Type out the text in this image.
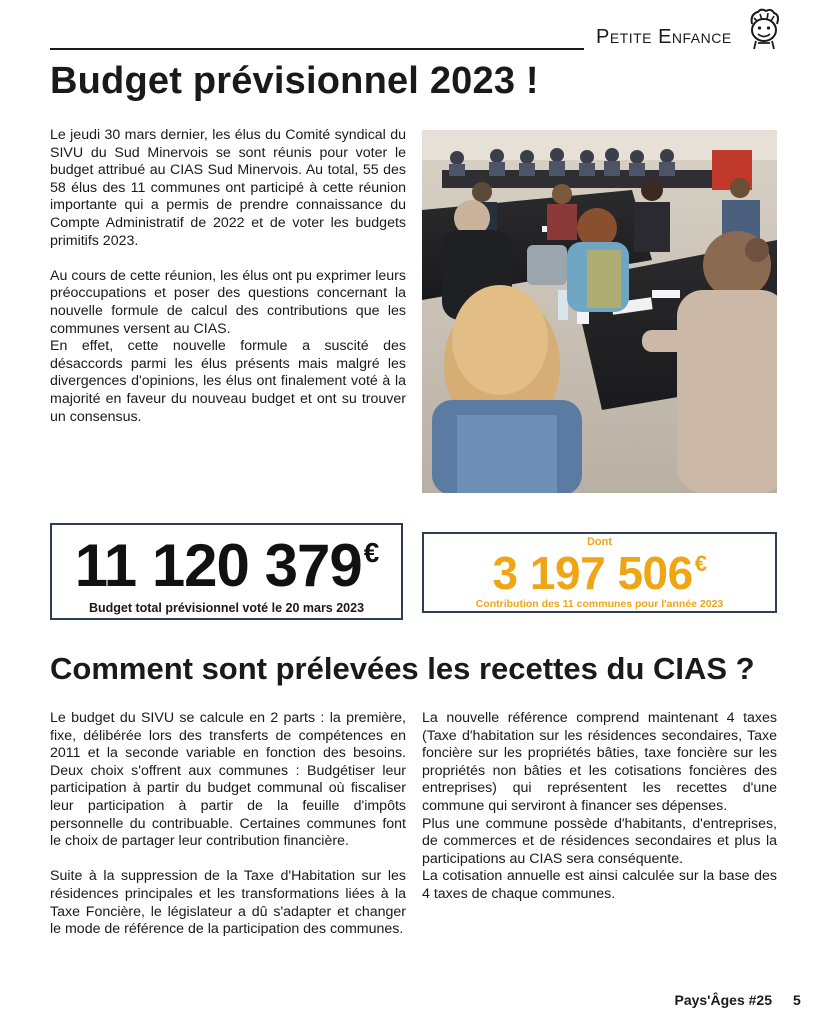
Petite Enfance
Budget prévisionnel 2023 !

Le jeudi 30 mars dernier, les élus du Comité syndical du SIVU du Sud Minervois se sont réunis pour voter le budget attribué au CIAS Sud Minervois. Au total, 55 des 58 élus des 11 communes ont participé à cette réunion importante qui a permis de prendre connaissance du Compte Administratif de 2022 et de voter les budgets primitifs 2023.

Au cours de cette réunion, les élus ont pu exprimer leurs préoccupations et poser des questions concernant la nouvelle formule de calcul des contributions que les communes versent au CIAS.

En effet, cette nouvelle formule a suscité des désaccords parmi les élus présents mais malgré les divergences d'opinions, les élus ont finalement voté à la majorité en faveur du nouveau budget et ont su trouver un consensus.

11 120 379€
Budget total prévisionnel voté le 20 mars 2023
Dont
3 197 506€
Contribution des 11 communes pour l'année 2023
Comment sont prélevées les recettes du CIAS ?

Le budget du SIVU se calcule en 2 parts : la première, fixe, délibérée lors des transferts de compétences en 2011 et la seconde variable en fonction des besoins. Deux choix s'offrent aux communes : Budgétiser leur participation à partir du budget communal où fiscaliser leur participation à partir de la feuille d'impôts personnelle du contribuable. Certaines communes font le choix de partager leur contribution financière.

Suite à la suppression de la Taxe d'Habitation sur les résidences principales et les transformations liées à la Taxe Foncière, le législateur a dû s'adapter et changer le mode de référence de la participation des communes.

La nouvelle référence comprend maintenant 4 taxes (Taxe d'habitation sur les résidences secondaires, Taxe foncière sur les propriétés bâties, taxe foncière sur les propriétés non bâties et les cotisations foncières des entreprises) qui représentent les recettes d'une commune qui serviront à financer ses dépenses.

Plus une commune possède d'habitants, d'entreprises, de commerces et de résidences secondaires et plus la participations au CIAS sera conséquente.

La cotisation annuelle est ainsi calculée sur la base des 4 taxes de chaque communes.

Pays'Âges #25 5
